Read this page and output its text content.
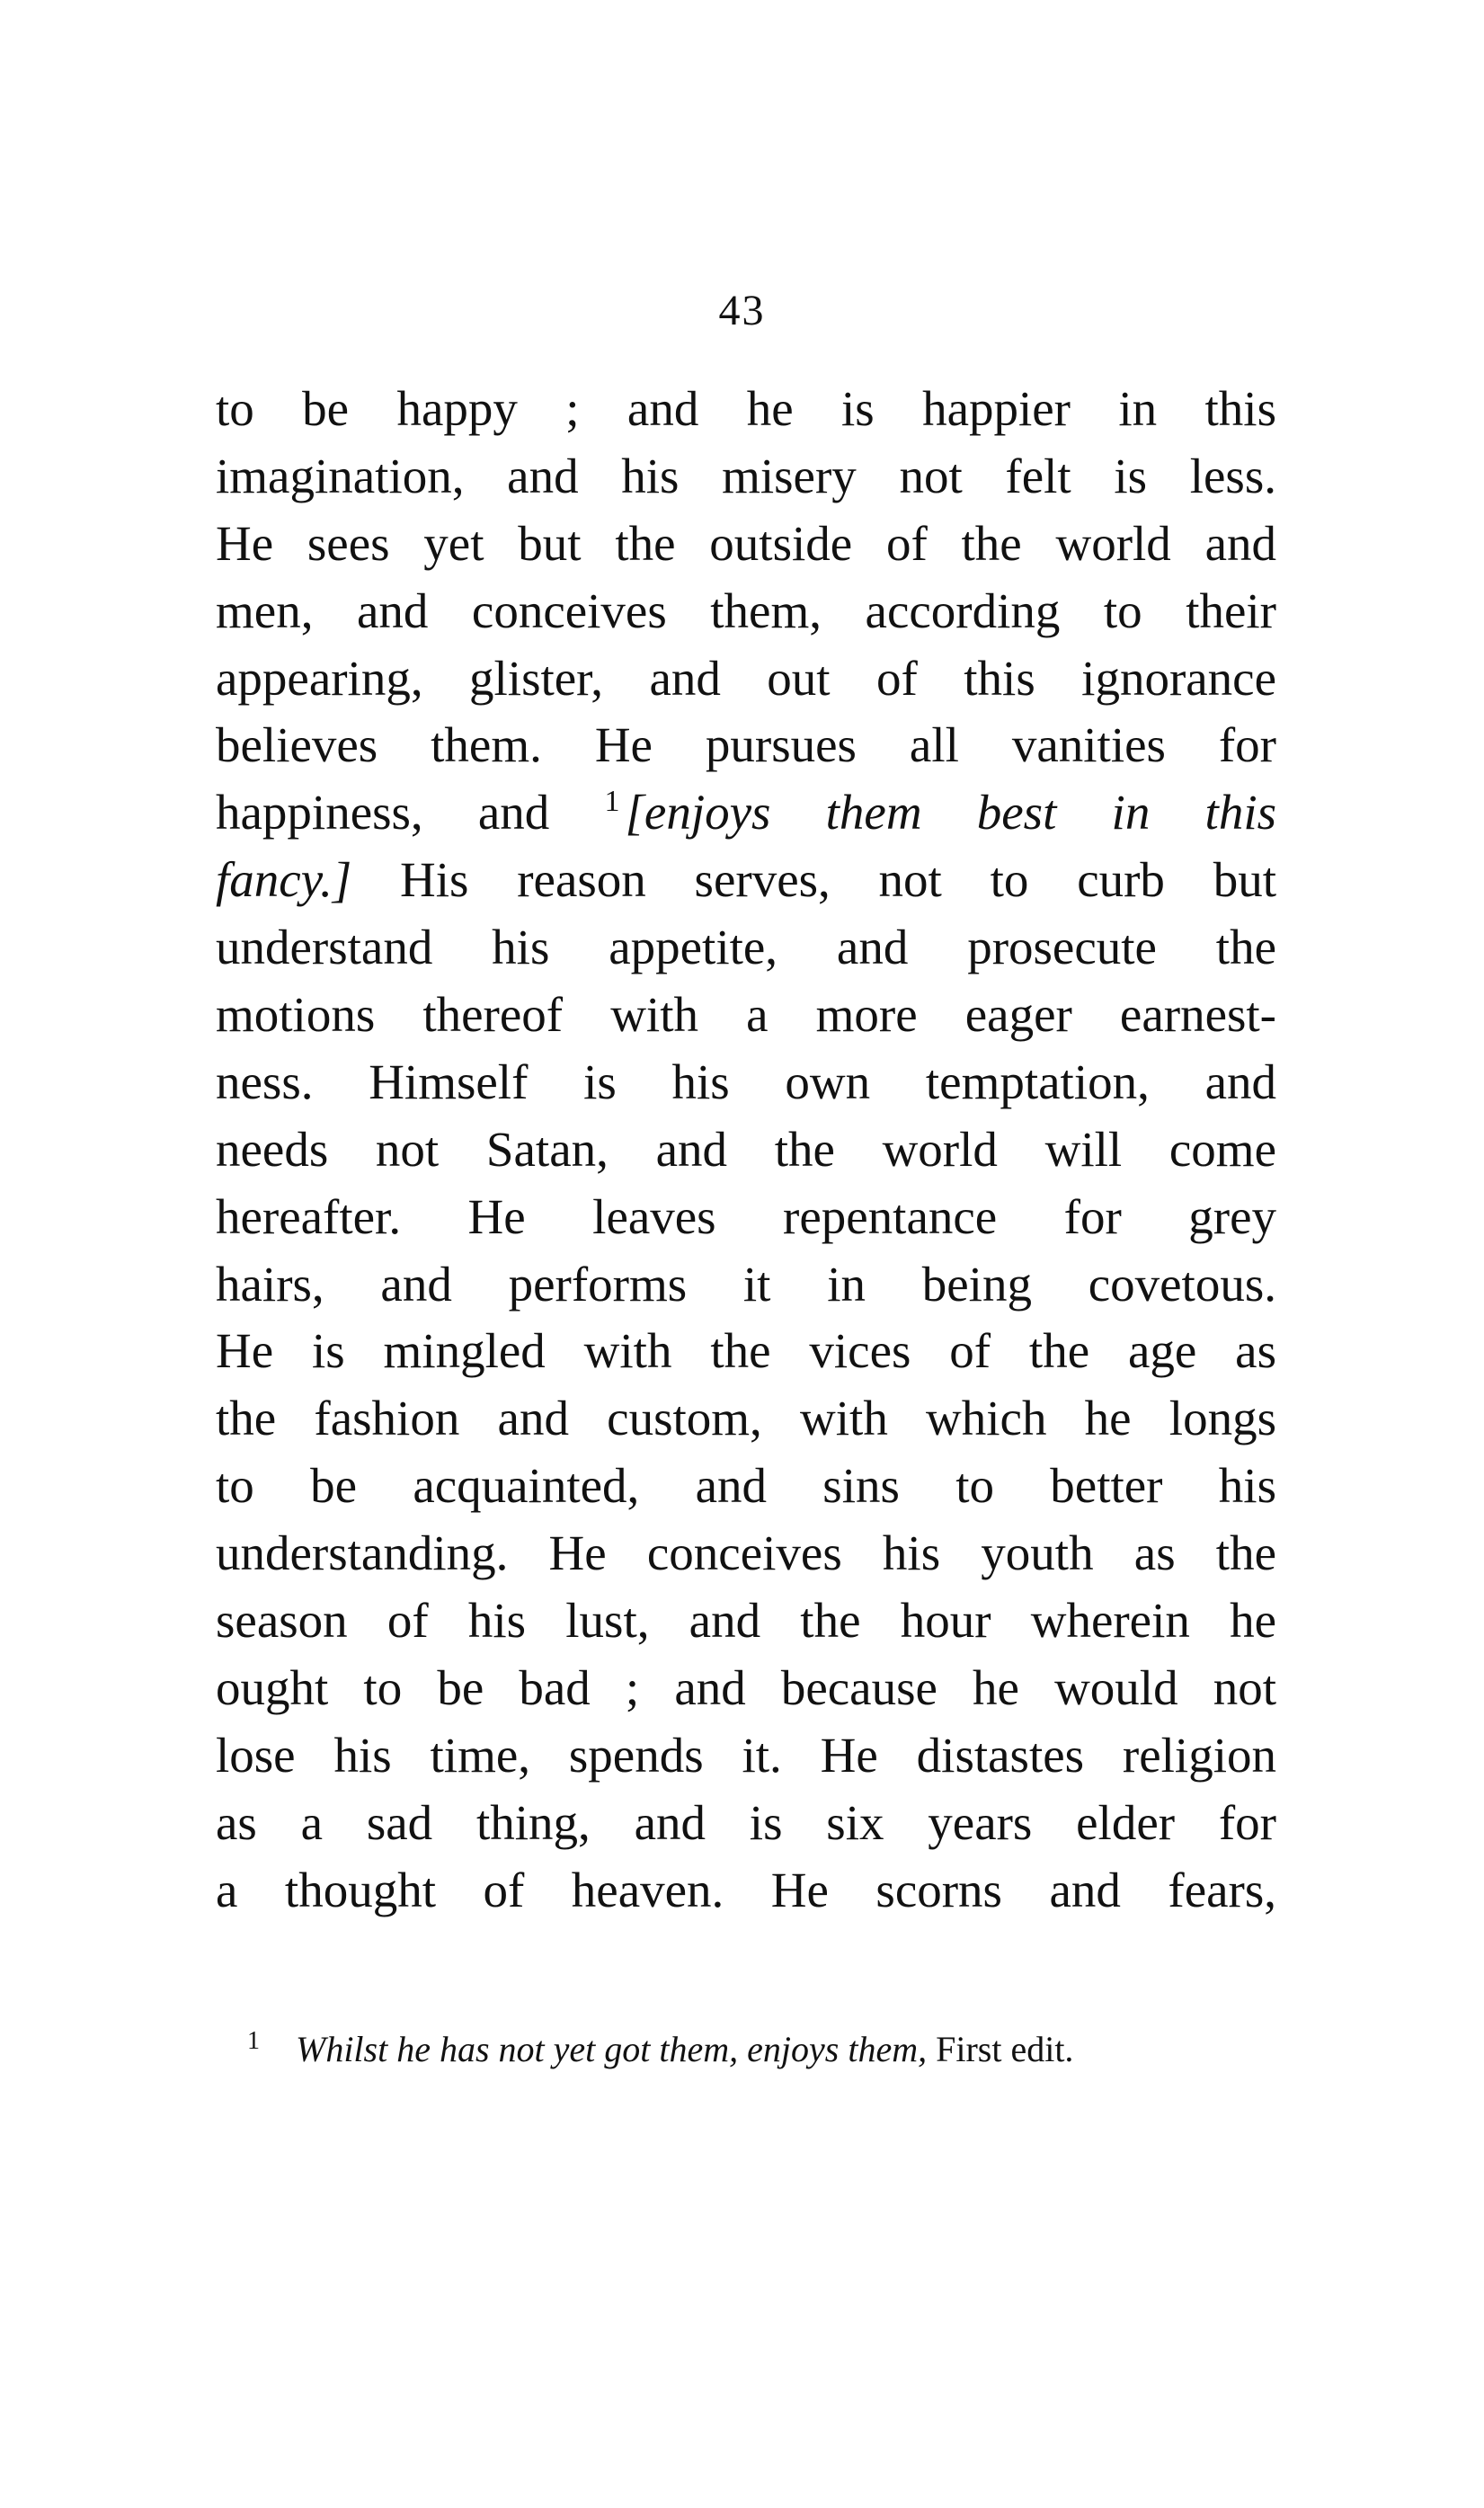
43
to be happy ; and he is happier in this
imagination, and his misery not felt is less.
He sees yet but the outside of the world and
men, and conceives them, according to their
appearing, glister, and out of this ignorance
believes them. He pursues all vanities for
happiness, and $^1$ [enjoys them best in this
fancy.] His reason serves, not to curb but
understand his appetite, and prosecute the
motions thereof with a more eager earnest-
ness. Himself is his own temptation, and
needs not Satan, and the world will come
hereafter. He leaves repentance for grey
hairs, and performs it in being covetous.
He is mingled with the vices of the age as
the fashion and custom, with which he longs
to be acquainted, and sins to better his
understanding. He conceives his youth as the
season of his lust, and the hour wherein he
ought to be bad ; and because he would not
lose his time, spends it. He distastes religion
as a sad thing, and is six years elder for
a thought of heaven. He scorns and fears,
$^1$ Whilst he has not yet got them, enjoys them, First edit.
